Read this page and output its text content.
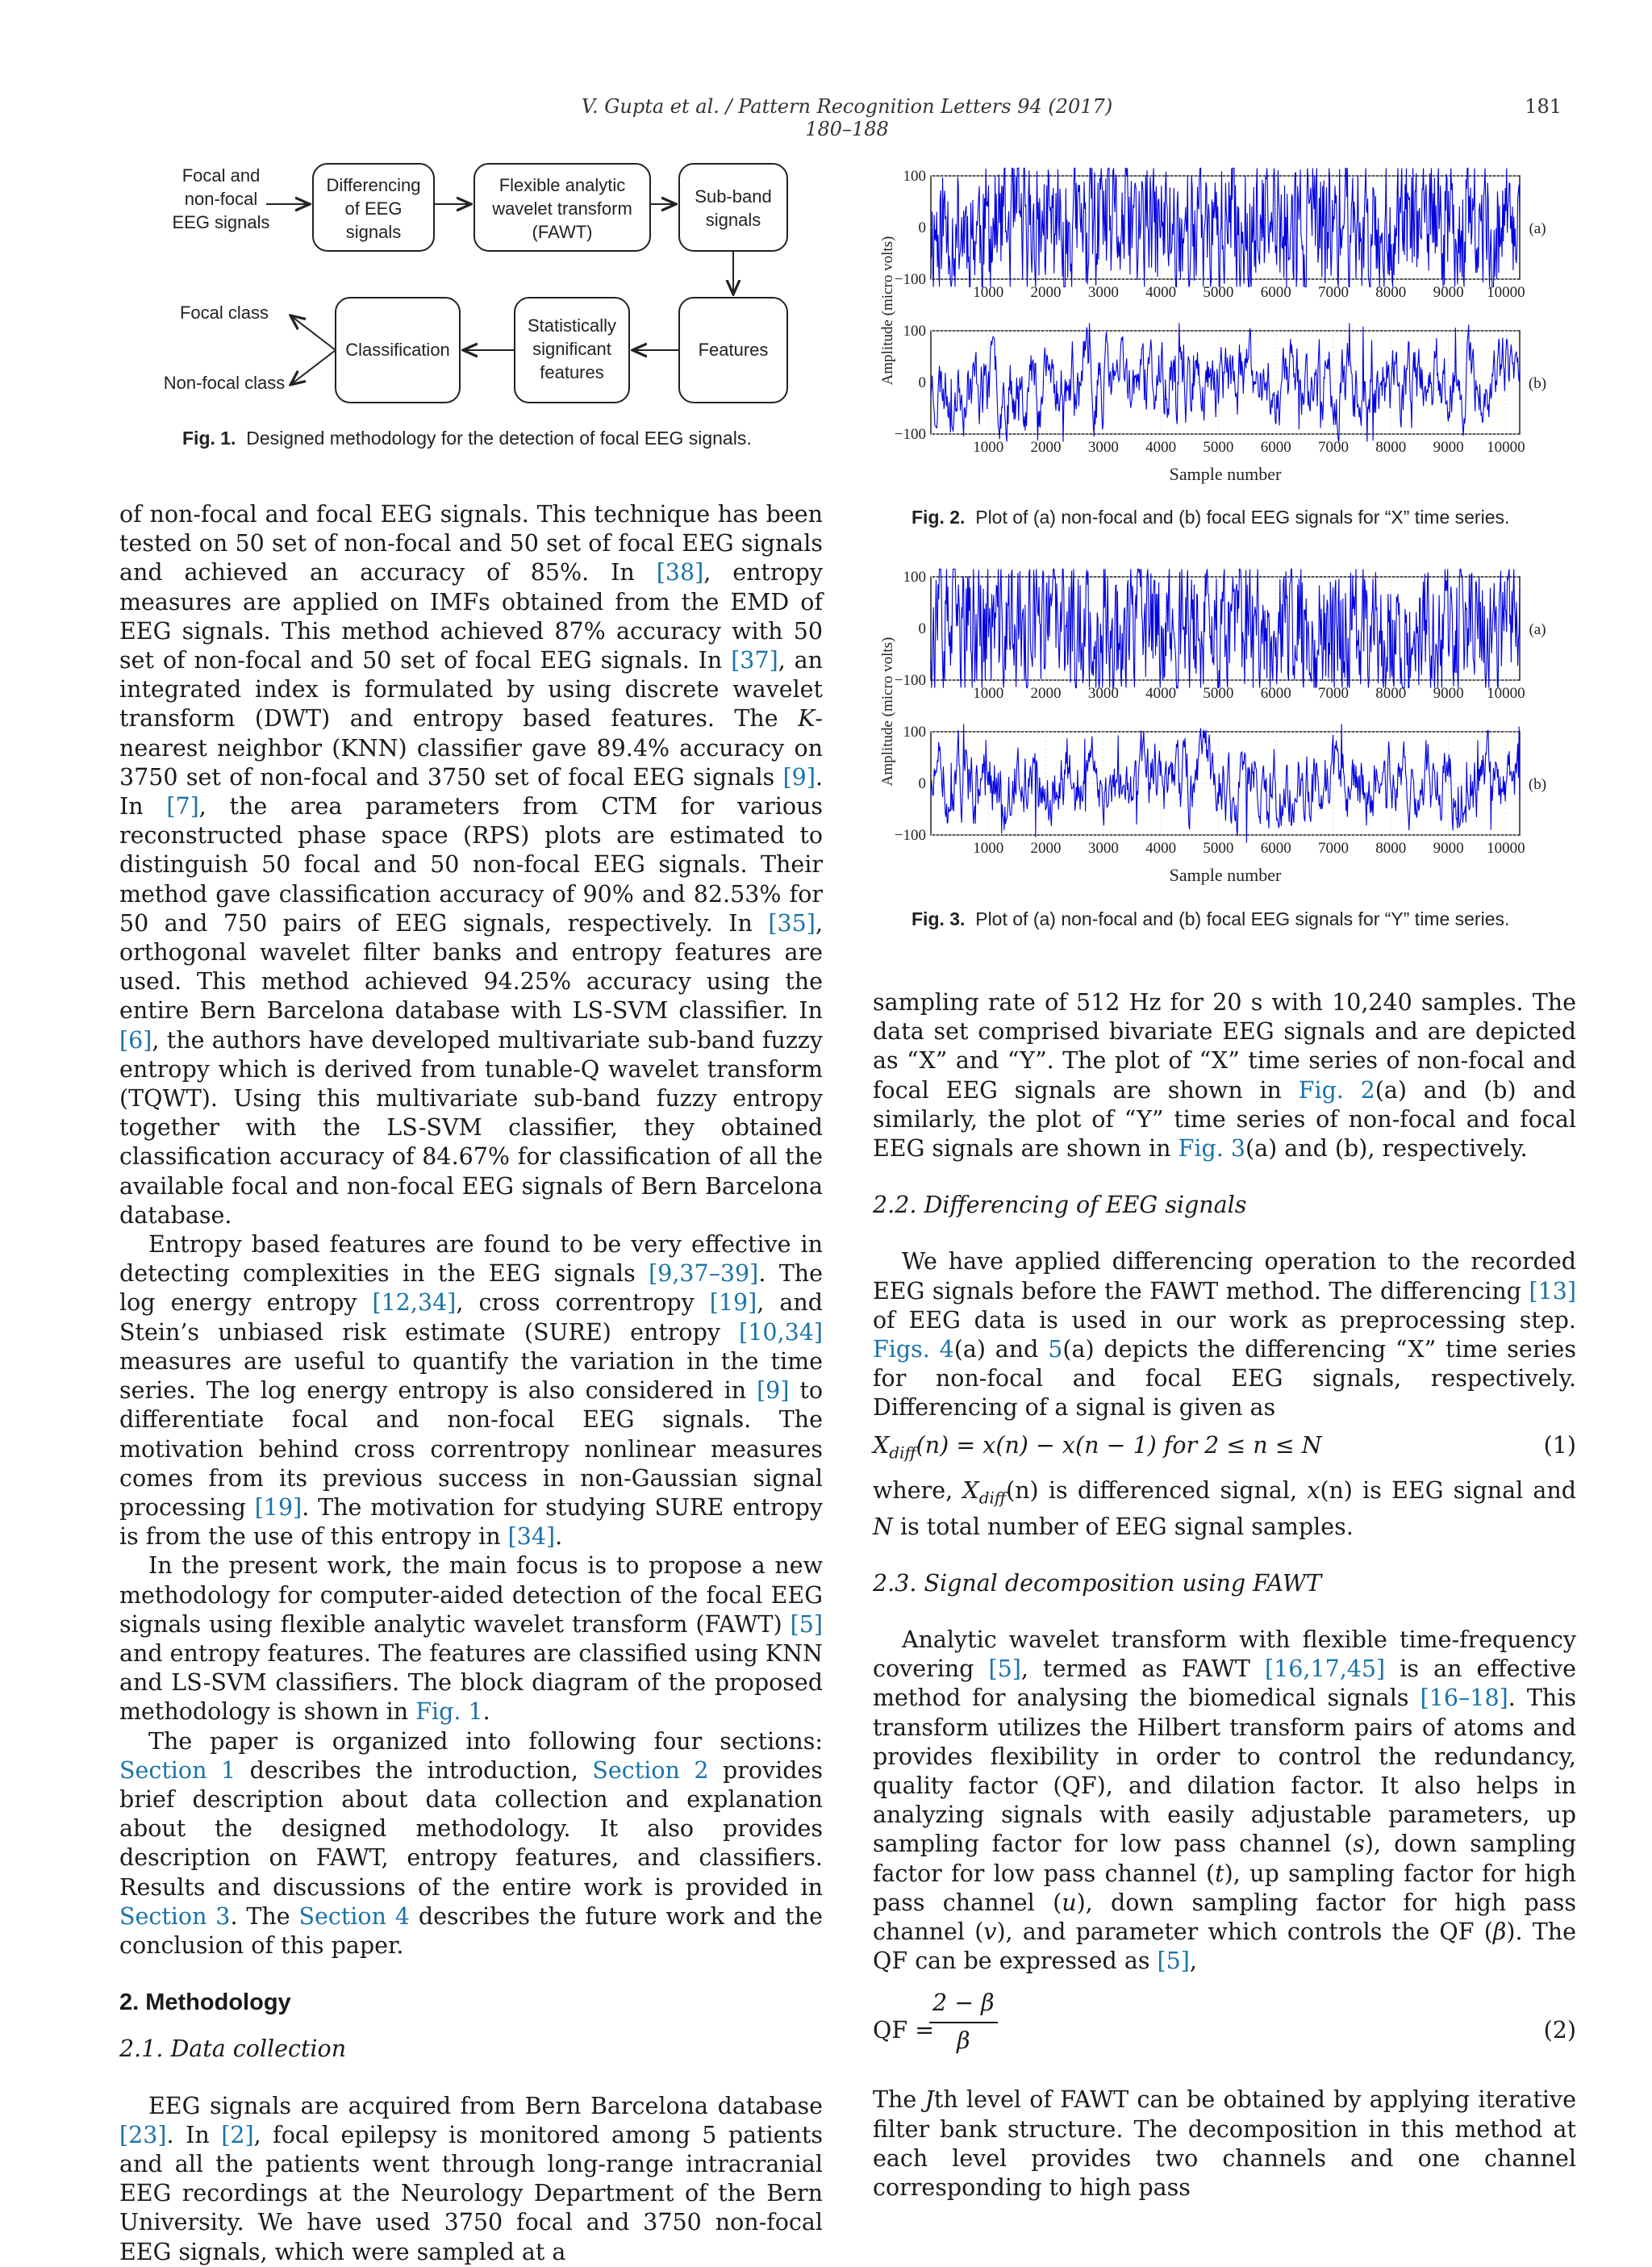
V. Gupta et al. / Pattern Recognition Letters 94 (2017) 180–188
181
Focal and
non-focal
EEG signals
Differencing
of EEG
signals
Flexible analytic
wavelet transform
(FAWT)
Sub-band
signals
Features
Statistically
significant
features
Classification
Focal class
Non-focal class
Fig. 1. Designed methodology for the detection of focal EEG signals.
1000 2000 3000 4000 5000 6000 7000 8000 9000 10000
−100
0
100
(a)
1000 2000 3000 4000 5000 6000 7000 8000 9000 10000
−100
0
100
(b)
Amplitude (micro volts)
Sample number
Fig. 2. Plot of (a) non-focal and (b) focal EEG signals for “X” time series.
1000 2000 3000 4000 5000 6000 7000 8000 9000 10000
−100
0
100
(a)
1000 2000 3000 4000 5000 6000 7000 8000 9000 10000
−100
0
100
(b)
Amplitude (micro volts)
Sample number
Fig. 3. Plot of (a) non-focal and (b) focal EEG signals for “Y” time series.

of non-focal and focal EEG signals. This technique has been tested on 50 set of non-focal and 50 set of focal EEG signals and achieved an accuracy of 85%. In [38], entropy measures are applied on IMFs obtained from the EMD of EEG signals. This method achieved 87% accuracy with 50 set of non-focal and 50 set of focal EEG signals. In [37], an integrated index is formulated by using discrete wavelet transform (DWT) and entropy based features. The K-nearest neighbor (KNN) classifier gave 89.4% accuracy on 3750 set of non-focal and 3750 set of focal EEG signals [9]. In [7], the area parameters from CTM for various reconstructed phase space (RPS) plots are estimated to distinguish 50 focal and 50 non-focal EEG signals. Their method gave classification accuracy of 90% and 82.53% for 50 and 750 pairs of EEG signals, respectively. In [35], orthogonal wavelet filter banks and entropy features are used. This method achieved 94.25% accuracy using the entire Bern Barcelona database with LS-SVM classifier. In [6], the authors have developed multivariate sub-band fuzzy entropy which is derived from tunable-Q wavelet transform (TQWT). Using this multivariate sub-band fuzzy entropy together with the LS-SVM classifier, they obtained classification accuracy of 84.67% for classification of all the available focal and non-focal EEG signals of Bern Barcelona database.

Entropy based features are found to be very effective in detecting complexities in the EEG signals [9,37–39]. The log energy entropy [12,34], cross correntropy [19], and Stein’s unbiased risk estimate (SURE) entropy [10,34] measures are useful to quantify the variation in the time series. The log energy entropy is also considered in [9] to differentiate focal and non-focal EEG signals. The motivation behind cross correntropy nonlinear measures comes from its previous success in non-Gaussian signal processing [19]. The motivation for studying SURE entropy is from the use of this entropy in [34].

In the present work, the main focus is to propose a new methodology for computer-aided detection of the focal EEG signals using flexible analytic wavelet transform (FAWT) [5] and entropy features. The features are classified using KNN and LS-SVM classifiers. The block diagram of the proposed methodology is shown in Fig. 1.

The paper is organized into following four sections: Section 1 describes the introduction, Section 2 provides brief description about data collection and explanation about the designed methodology. It also provides description on FAWT, entropy features, and classifiers. Results and discussions of the entire work is provided in Section 3. The Section 4 describes the future work and the conclusion of this paper.

2. Methodology
2.1. Data collection

EEG signals are acquired from Bern Barcelona database [23]. In [2], focal epilepsy is monitored among 5 patients and all the patients went through long-range intracranial EEG recordings at the Neurology Department of the Bern University. We have used 3750 focal and 3750 non-focal EEG signals, which were sampled at a

sampling rate of 512 Hz for 20 s with 10,240 samples. The data set comprised bivariate EEG signals and are depicted as “X” and “Y”. The plot of “X” time series of non-focal and focal EEG signals are shown in Fig. 2(a) and (b) and similarly, the plot of “Y” time series of non-focal and focal EEG signals are shown in Fig. 3(a) and (b), respectively.

2.2. Differencing of EEG signals

We have applied differencing operation to the recorded EEG signals before the FAWT method. The differencing [13] of EEG data is used in our work as preprocessing step. Figs. 4(a) and 5(a) depicts the differencing “X” time series for non-focal and focal EEG signals, respectively. Differencing of a signal is given as

$X_{diff}(n) = x(n) - x(n - 1)$ for 2 ≤ n ≤ N	(1)

where, $X_{diff}(n)$ is differenced signal, x(n) is EEG signal and N is total number of EEG signal samples.

2.3. Signal decomposition using FAWT

Analytic wavelet transform with flexible time-frequency covering [5], termed as FAWT [16,17,45] is an effective method for analysing the biomedical signals [16–18]. This transform utilizes the Hilbert transform pairs of atoms and provides flexibility in order to control the redundancy, quality factor (QF), and dilation factor. It also helps in analyzing signals with easily adjustable parameters, up sampling factor for low pass channel (s), down sampling factor for low pass channel (t), up sampling factor for high pass channel (u), down sampling factor for high pass channel (v), and parameter which controls the QF (β). The QF can be expressed as [5],

QF =
$\frac{2 - \beta}{\beta}$	(2)

The Jth level of FAWT can be obtained by applying iterative filter bank structure. The decomposition in this method at each level provides two channels and one channel corresponding to high pass
